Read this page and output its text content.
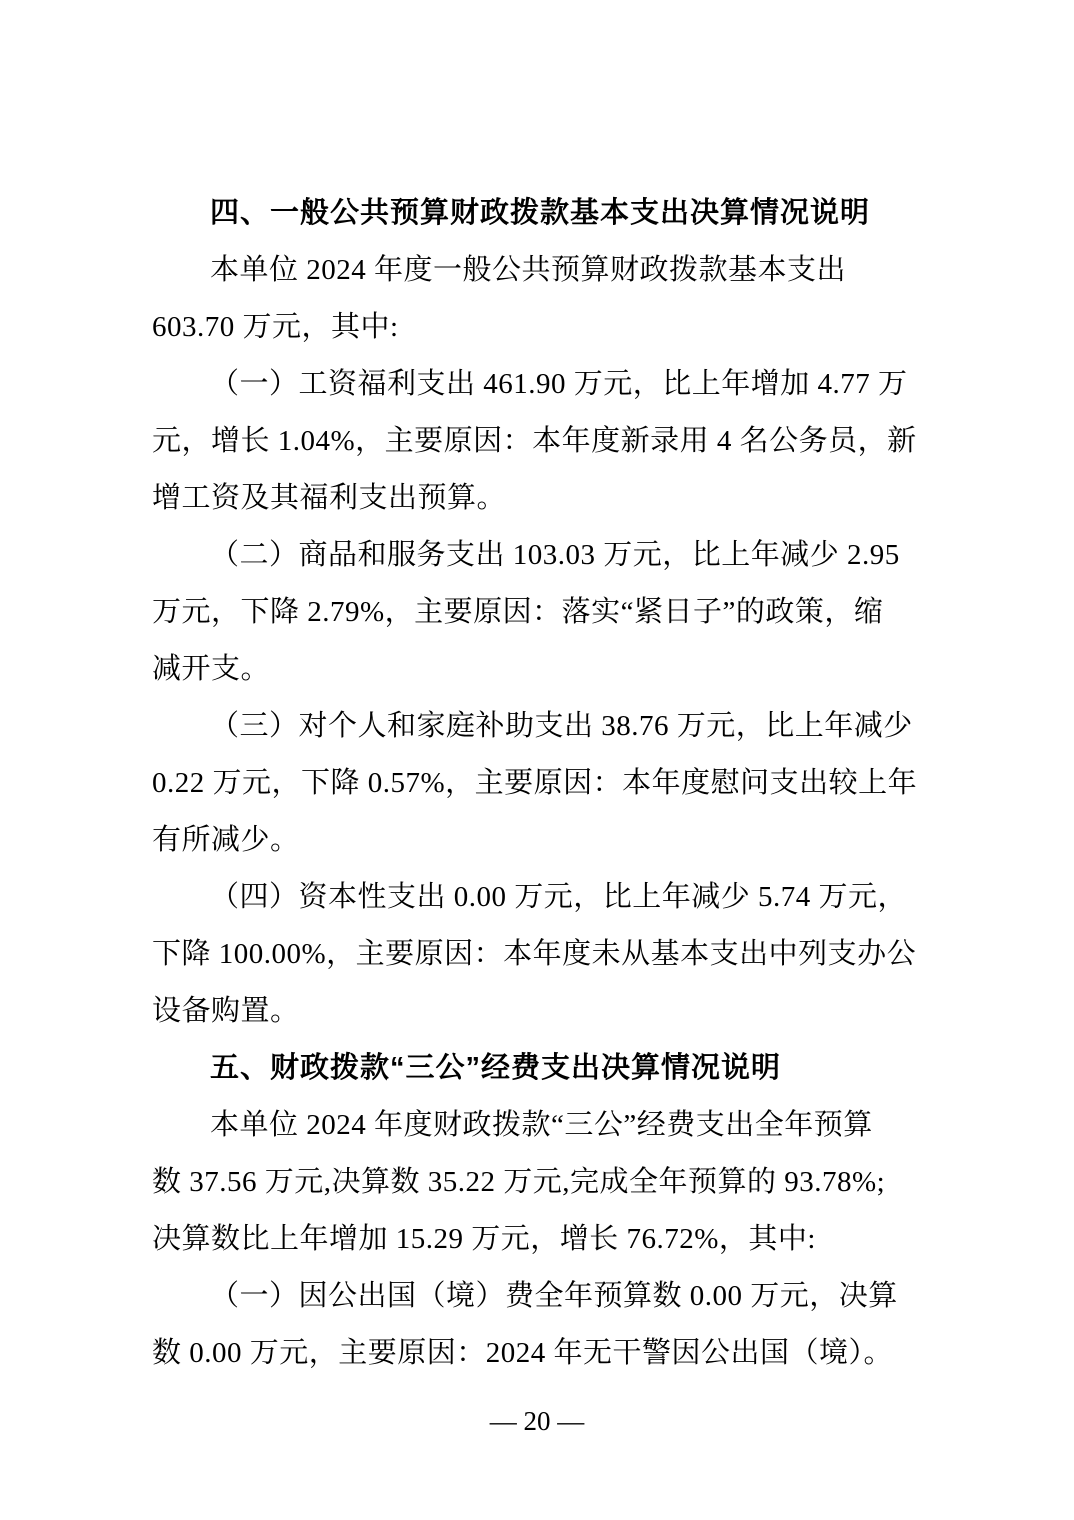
四、一般公共预算财政拨款基本支出决算情况说明
本单位 2024 年度一般公共预算财政拨款基本支出
603.70 万元，其中:
（一）工资福利支出 461.90 万元，比上年增加 4.77 万
元，增长 1.04%，主要原因：本年度新录用 4 名公务员，新
增工资及其福利支出预算。
（二）商品和服务支出 103.03 万元，比上年减少 2.95
万元，下降 2.79%，主要原因：落实“紧日子”的政策，缩
减开支。
（三）对个人和家庭补助支出 38.76 万元，比上年减少
0.22 万元，下降 0.57%，主要原因：本年度慰问支出较上年
有所减少。
（四）资本性支出 0.00 万元，比上年减少 5.74 万元，
下降 100.00%，主要原因：本年度未从基本支出中列支办公
设备购置。
五、财政拨款“三公”经费支出决算情况说明
本单位 2024 年度财政拨款“三公”经费支出全年预算
数 37.56 万元,决算数 35.22 万元,完成全年预算的 93.78%;
决算数比上年增加 15.29 万元，增长 76.72%，其中:
（一）因公出国（境）费全年预算数 0.00 万元，决算
数 0.00 万元，主要原因：2024 年无干警因公出国（境）。
— 20 —
